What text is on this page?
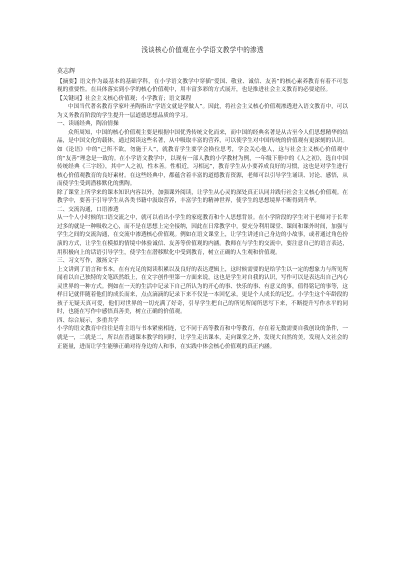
浅谈核心价值观在小学语文教学中的渗透
莫志辉

【摘要】语文作为最基本的基础学科，在小学语文教学中穿插“爱国、敬业、诚信、友善”的核心素养教育有着不可忽视的重要性。在具体落实到小学的核心价值观中，用丰富多彩的方式展开，也是推进社会主义教育的必要途径。

【关键词】社会主义核心价值观；小学教育；语文课程

中国当代著名教育学家叶圣陶指出“学语文就是学做人”。因此，将社会主义核心价值观渗透进入语文教育中，可以为义务教育阶段的学生提升一层道德思想品质的学习。

一、读诵经典，陶冶情操

众所周知，中国的核心价值观主要是根据中国优秀传统文化而来，而中国的经典名著是从古至今人们思想精华的结晶，是中国文化的载体，通过阅读这些名著，从中吸取丰富的营养，可以使学生对中国传统的价值观有更深刻的认识。如《论语》中的“己所不欲，勿施于人”，就教育学生要学会换位思考，学会关心他人，这与社会主义核心价值观中的“友善”理念是一致的。在小学语文教学中，以现有一部人教的小学教材为例，一年级下册中的《人之初》，选自中国传统经典《三字经》，其中“人之初，性本善。性相近，习相远”，教育学生从小要养成良好的习惯，这也是对学生进行核心价值观教育的良好素材。在这些经典中，都蕴含着丰富的道德教育资源，老师可以引导学生诵读、讨论、感悟，从而使学生受到潜移默化的熏陶。

除了课堂上所学来的课本知识内容以外，加强课外阅读，让学生从心灵的深处真正认同并践行社会主义核心价值观。在教学中，要善于引导学生从各类书籍中汲取营养，丰富学生的精神世界，使学生的思想境界不断得到升华。

二、交流沟通，口语渗透

从一个人小时候的口语交流之中，就可以看出小学生的家庭教育和个人思想背景。在小学阶段的学生对于老师对于长辈过多的就是一种吸收之心，而不是在思想上完全接纳，因此在日常教学中，要充分利用课堂、课间和课外时间，加强与学生之间的交流沟通，在交流中渗透核心价值观。例如在语文课堂上，让学生讲述自己身边的小故事，或者通过角色扮演的方式，让学生在模拟的情境中体验诚信、友善等价值观的内涵。教师在与学生的交流中，要注意自己的语言表达，用积极向上的话语引导学生，使学生在潜移默化中受到教育，树立正确的人生观和价值观。

三、习文写作，激扬文字

上文讲到了语言和书本，在有充足的阅读积累以及良好的表达逻辑上，这时候需要的是给学生以一定的想象力与所见所闻看以自己独特的文笔跃然纸上，在文字创作里第一方面来说，这也是学生对自我的认识，写作可以是表达出自己内心灵世界的一种方式。例如在一天的生活中记录下自己所认为的开心的事、快乐的事、有意义的事，值得铭记的事等，这样日记就伴随着他们的成长而来，点点滴滴的记录下来不仅是一本回忆录，更是个人成长的记忆。小学生这个年龄段的孩子无疑天真可爱，他们对世界的一切充满了好奇，引导学生把自己的所见所闻所思写下来，不断提升写作水平的同时，也能在写作中感悟真善美，树立正确的价值观。

四、综合展示，多重共学

小学的语文教育中往往是将主语与书本紧密相连，它不同于高等教育和中等教育，存在着无数需要自我创设的条件，一就是一，二就是二，所以在普通课本教学的同时，让学生走出课本，走向课堂之外，发现大自然的美，发现人文社会的正能量，进而让学生能够正确对待身边的人和事，在实践中体会核心价值观的真正内涵。
